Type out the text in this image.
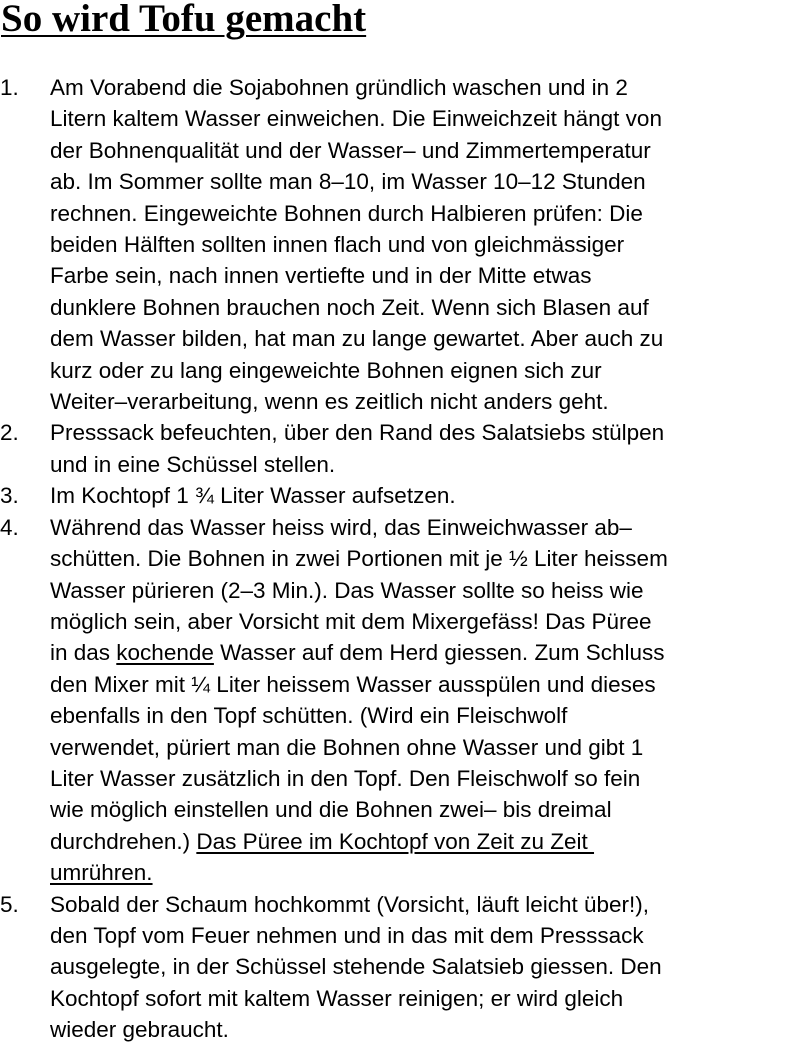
So wird Tofu gemacht
1. Am Vorabend die Sojabohnen gründlich waschen und in 2
Litern kaltem Wasser einweichen. Die Einweichzeit hängt von
der Bohnenqualität und der Wasser– und Zimmertemperatur
ab. Im Sommer sollte man 8–10, im Wasser 10–12 Stunden
rechnen. Eingeweichte Bohnen durch Halbieren prüfen: Die
beiden Hälften sollten innen flach und von gleichmässiger
Farbe sein, nach innen vertiefte und in der Mitte etwas
dunklere Bohnen brauchen noch Zeit. Wenn sich Blasen auf
dem Wasser bilden, hat man zu lange gewartet. Aber auch zu
kurz oder zu lang eingeweichte Bohnen eignen sich zur
Weiter–verarbeitung, wenn es zeitlich nicht anders geht.
2. Presssack befeuchten, über den Rand des Salatsiebs stülpen
und in eine Schüssel stellen.
3. Im Kochtopf 1 ¾ Liter Wasser aufsetzen.
4. Während das Wasser heiss wird, das Einweichwasser ab–
schütten. Die Bohnen in zwei Portionen mit je ½ Liter heissem
Wasser pürieren (2–3 Min.). Das Wasser sollte so heiss wie
möglich sein, aber Vorsicht mit dem Mixergefäss! Das Püree
in das kochende Wasser auf dem Herd giessen. Zum Schluss
den Mixer mit ¼ Liter heissem Wasser ausspülen und dieses
ebenfalls in den Topf schütten. (Wird ein Fleischwolf
verwendet, püriert man die Bohnen ohne Wasser und gibt 1
Liter Wasser zusätzlich in den Topf. Den Fleischwolf so fein
wie möglich einstellen und die Bohnen zwei– bis dreimal
durchdrehen.) Das Püree im Kochtopf von Zeit zu Zeit
umrühren.
5. Sobald der Schaum hochkommt (Vorsicht, läuft leicht über!),
den Topf vom Feuer nehmen und in das mit dem Presssack
ausgelegte, in der Schüssel stehende Salatsieb giessen. Den
Kochtopf sofort mit kaltem Wasser reinigen; er wird gleich
wieder gebraucht.
